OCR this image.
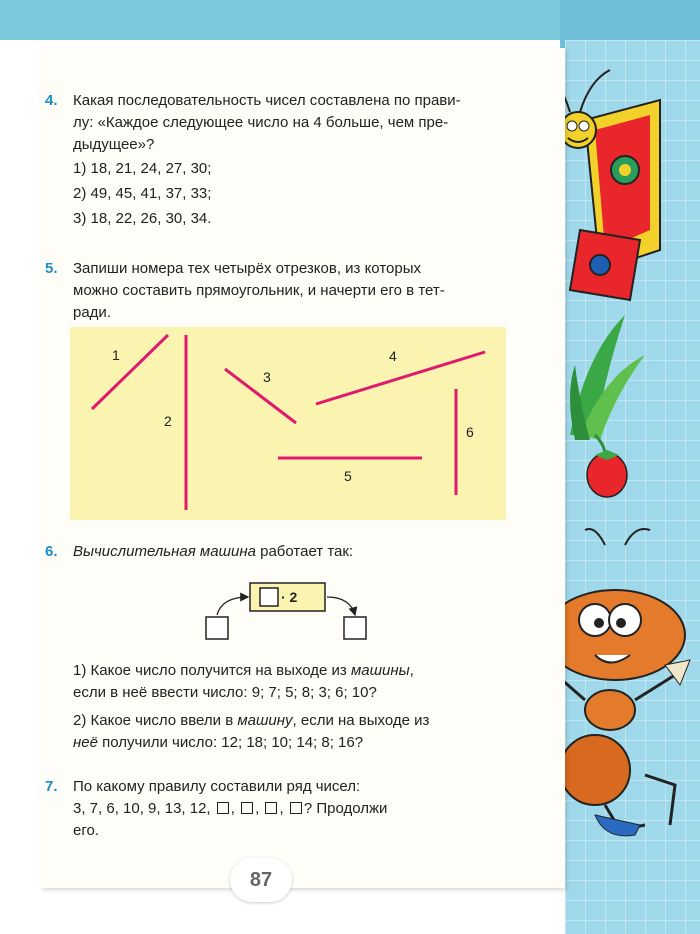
4. Какая последовательность чисел составлена по прави-
лу: «Каждое следующее число на 4 больше, чем пре-
дыдущее»?
1) 18, 21, 24, 27, 30;
2) 49, 45, 41, 37, 33;
3) 18, 22, 26, 30, 34.
5. Запиши номера тех четырёх отрезков, из которых
можно составить прямоугольник, и начерти его в тет-
ради.
1
2
3
4
5
6
6. Вычислительная машина работает так:
· 2
1) Какое число получится на выходе из машины,
если в неё ввести число: 9; 7; 5; 8; 3; 6; 10?
2) Какое число ввели в машину, если на выходе из
неё получили число: 12; 18; 10; 14; 8; 16?
7. По какому правилу составили ряд чисел:
3, 7, 6, 10, 9, 13, 12, , , , ? Продолжи
его.
87
